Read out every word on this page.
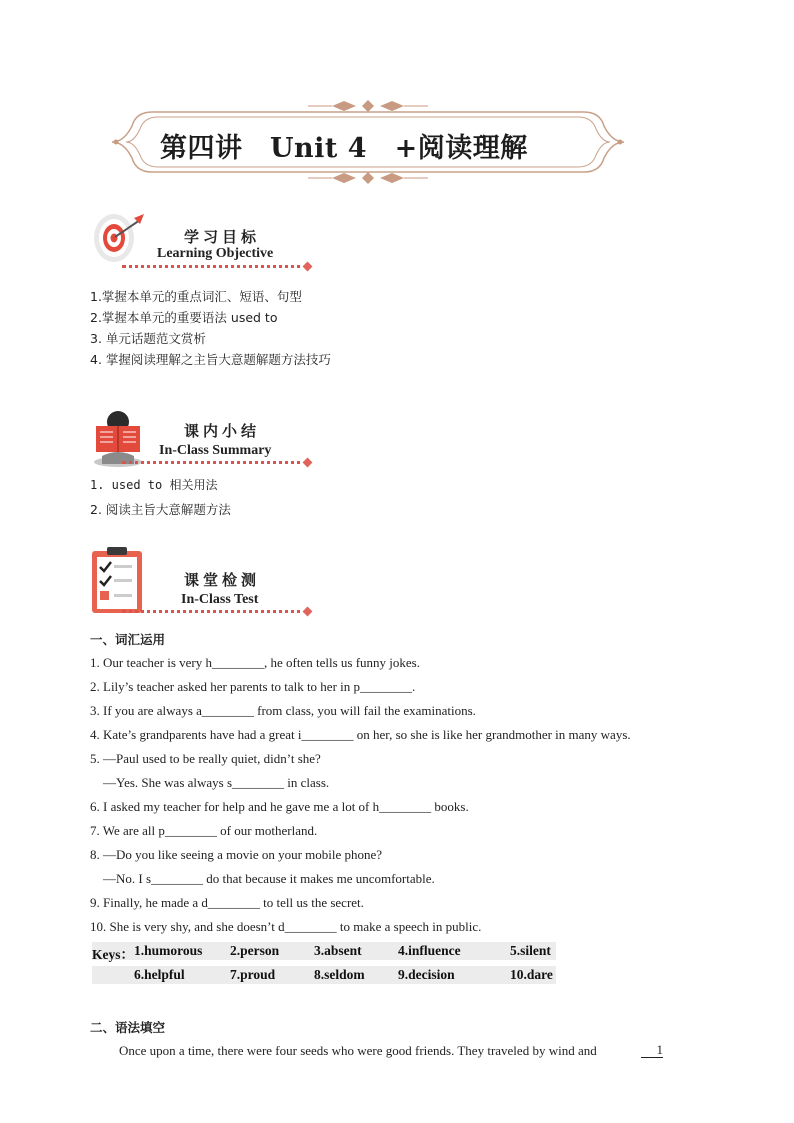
第四讲　Unit 4　+阅读理解
学习目标
Learning Objective
1.掌握本单元的重点词汇、短语、句型
2.掌握本单元的重要语法 used to
3. 单元话题范文赏析
4. 掌握阅读理解之主旨大意题解题方法技巧
课内小结
In-Class Summary
1. used to 相关用法
2. 阅读主旨大意解题方法
课堂检测
In-Class Test
一、词汇运用
1. Our teacher is very h________, he often tells us funny jokes.
2. Lily’s teacher asked her parents to talk to her in p________.
3. If you are always a________ from class, you will fail the examinations.
4. Kate’s grandparents have had a great i________ on her, so she is like her grandmother in many ways.
5. —Paul used to be really quiet, didn’t she?
—Yes. She was always s________ in class.
6. I asked my teacher for help and he gave me a lot of h________ books.
7. We are all p________ of our motherland.
8. —Do you like seeing a movie on your mobile phone?
—No. I s________ do that because it makes me uncomfortable.
9. Finally, he made a d________ to tell us the secret.
10. She is very shy, and she doesn’t d________ to make a speech in public.
Keys： 1.humorous 2.person	3.absent	4.influence	5.silent
6.helpful	7.proud	8.seldom 9.decision	10.dare
二、语法填空
Once upon a time, there were four seeds who were good friends. They traveled by wind and	1
